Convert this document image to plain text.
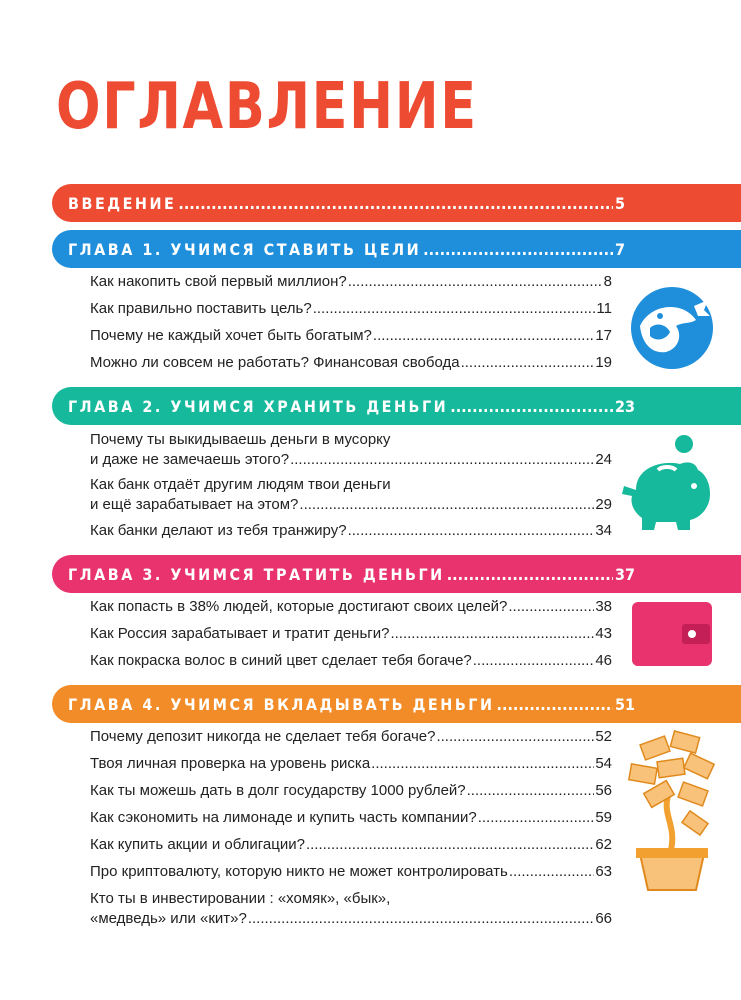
ОГЛАВЛЕНИЕ
ВВЕДЕНИЕ .....	5
ГЛАВА 1. УЧИМСЯ СТАВИТЬ ЦЕЛИ .....	7
Как накопить свой первый миллион? .....	8
Как правильно поставить цель? .....	11
Почему не каждый хочет быть богатым? .....	17
Можно ли совсем не работать? Финансовая свобода .....	19
ГЛАВА 2. УЧИМСЯ ХРАНИТЬ ДЕНЬГИ .....	23
Почему ты выкидываешь деньги в мусорку
и даже не замечаешь этого? .....	24
Как банк отдаёт другим людям твои деньги
и ещё зарабатывает на этом? .....	29
Как банки делают из тебя транжиру? .....	34
ГЛАВА 3. УЧИМСЯ ТРАТИТЬ ДЕНЬГИ .....	37
Как попасть в 38% людей, которые достигают своих целей? .....	38
Как Россия зарабатывает и тратит деньги? .....	43
Как покраска волос в синий цвет сделает тебя богаче? .....	46
ГЛАВА 4. УЧИМСЯ ВКЛАДЫВАТЬ ДЕНЬГИ .....	51
Почему депозит никогда не сделает тебя богаче? .....	52
Твоя личная проверка на уровень риска .....	54
Как ты можешь дать в долг государству 1000 рублей? .....	56
Как сэкономить на лимонаде и купить часть компании? .....	59
Как купить акции и облигации? .....	62
Про криптовалюту, которую никто не может контролировать .....	63
Кто ты в инвестировании : «хомяк», «бык»,
«медведь» или «кит»? .....	66
